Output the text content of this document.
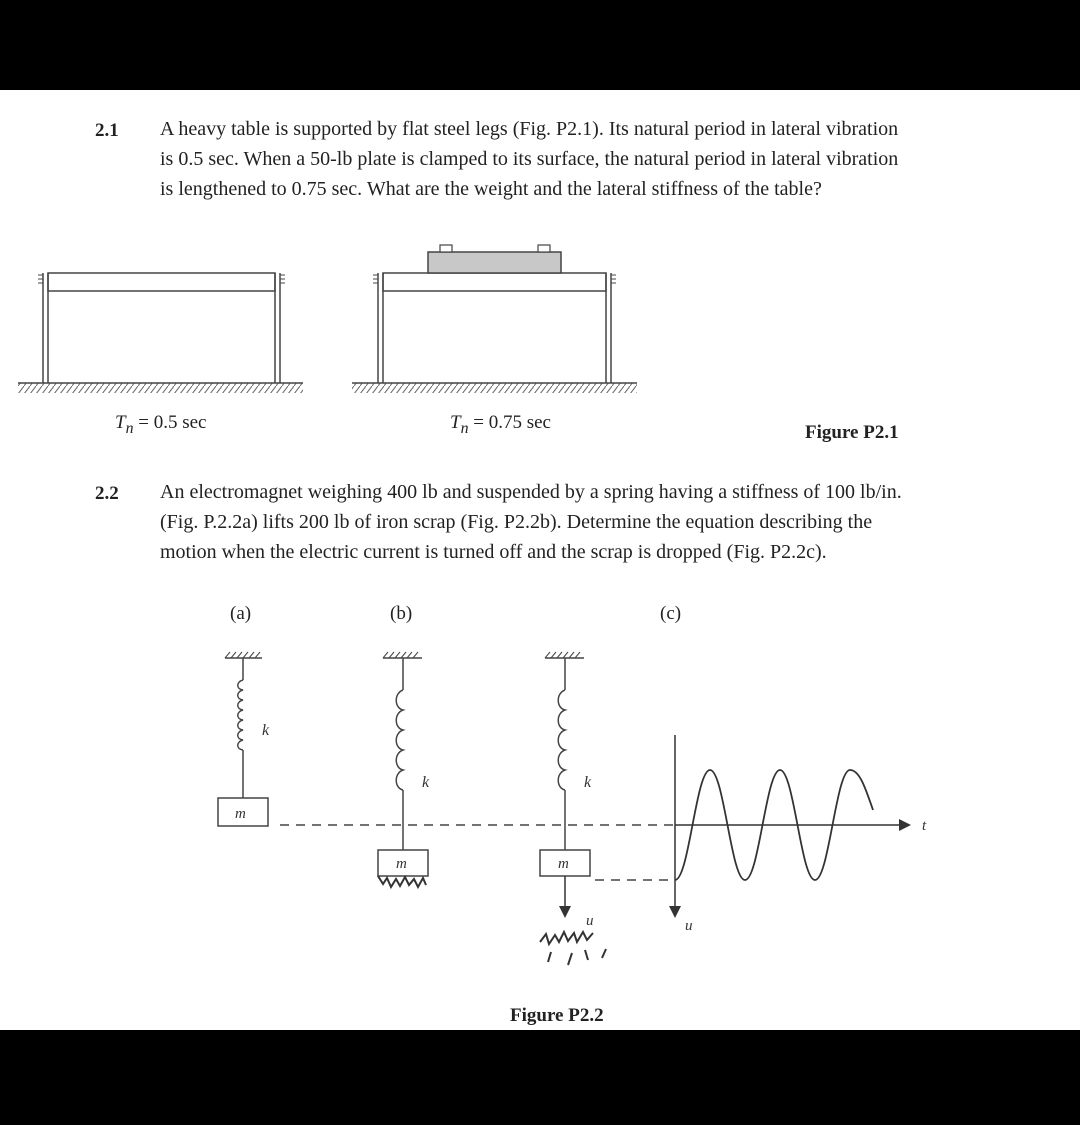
2.1 A heavy table is supported by flat steel legs (Fig. P2.1). Its natural period in lateral vibration
is 0.5 sec. When a 50-lb plate is clamped to its surface, the natural period in lateral vibration
is lengthened to 0.75 sec. What are the weight and the lateral stiffness of the table?
$T_n = 0.5$ sec	$T_n = 0.75$ sec	Figure P2.1
2.2 An electromagnet weighing 400 lb and suspended by a spring having a stiffness of 100 lb/in.
(Fig. P.2.2a) lifts 200 lb of iron scrap (Fig. P2.2b). Determine the equation describing the
motion when the electric current is turned off and the scrap is dropped (Fig. P2.2c).
(a)	(b)	(c)
k
m
k
m
k
m
u	u
t
Figure P2.2
